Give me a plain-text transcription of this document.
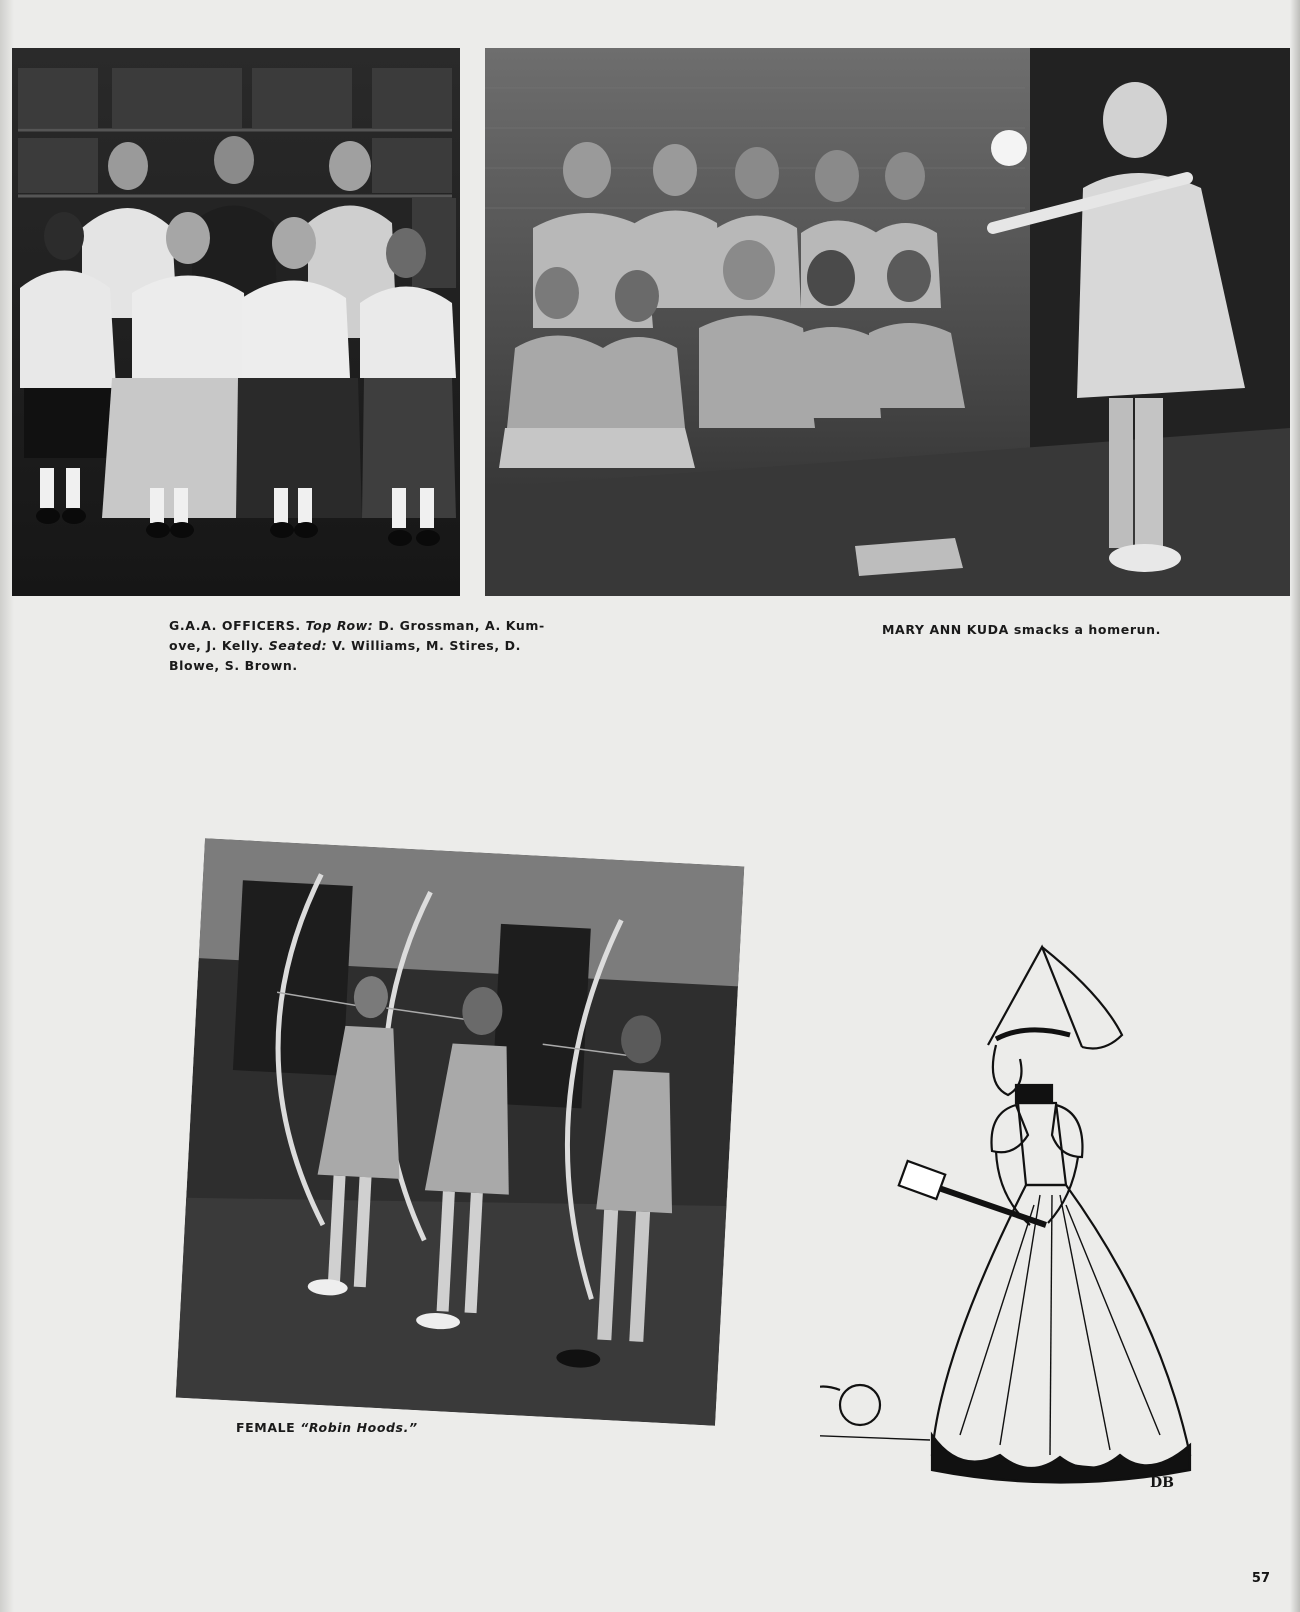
DB
G.A.A. OFFICERS. Top Row: D. Grossman, A. Kum-ove, J. Kelly. Seated: V. Williams, M. Stires, D. Blowe, S. Brown.
MARY ANN KUDA smacks a homerun.
FEMALE “Robin Hoods.”
57
